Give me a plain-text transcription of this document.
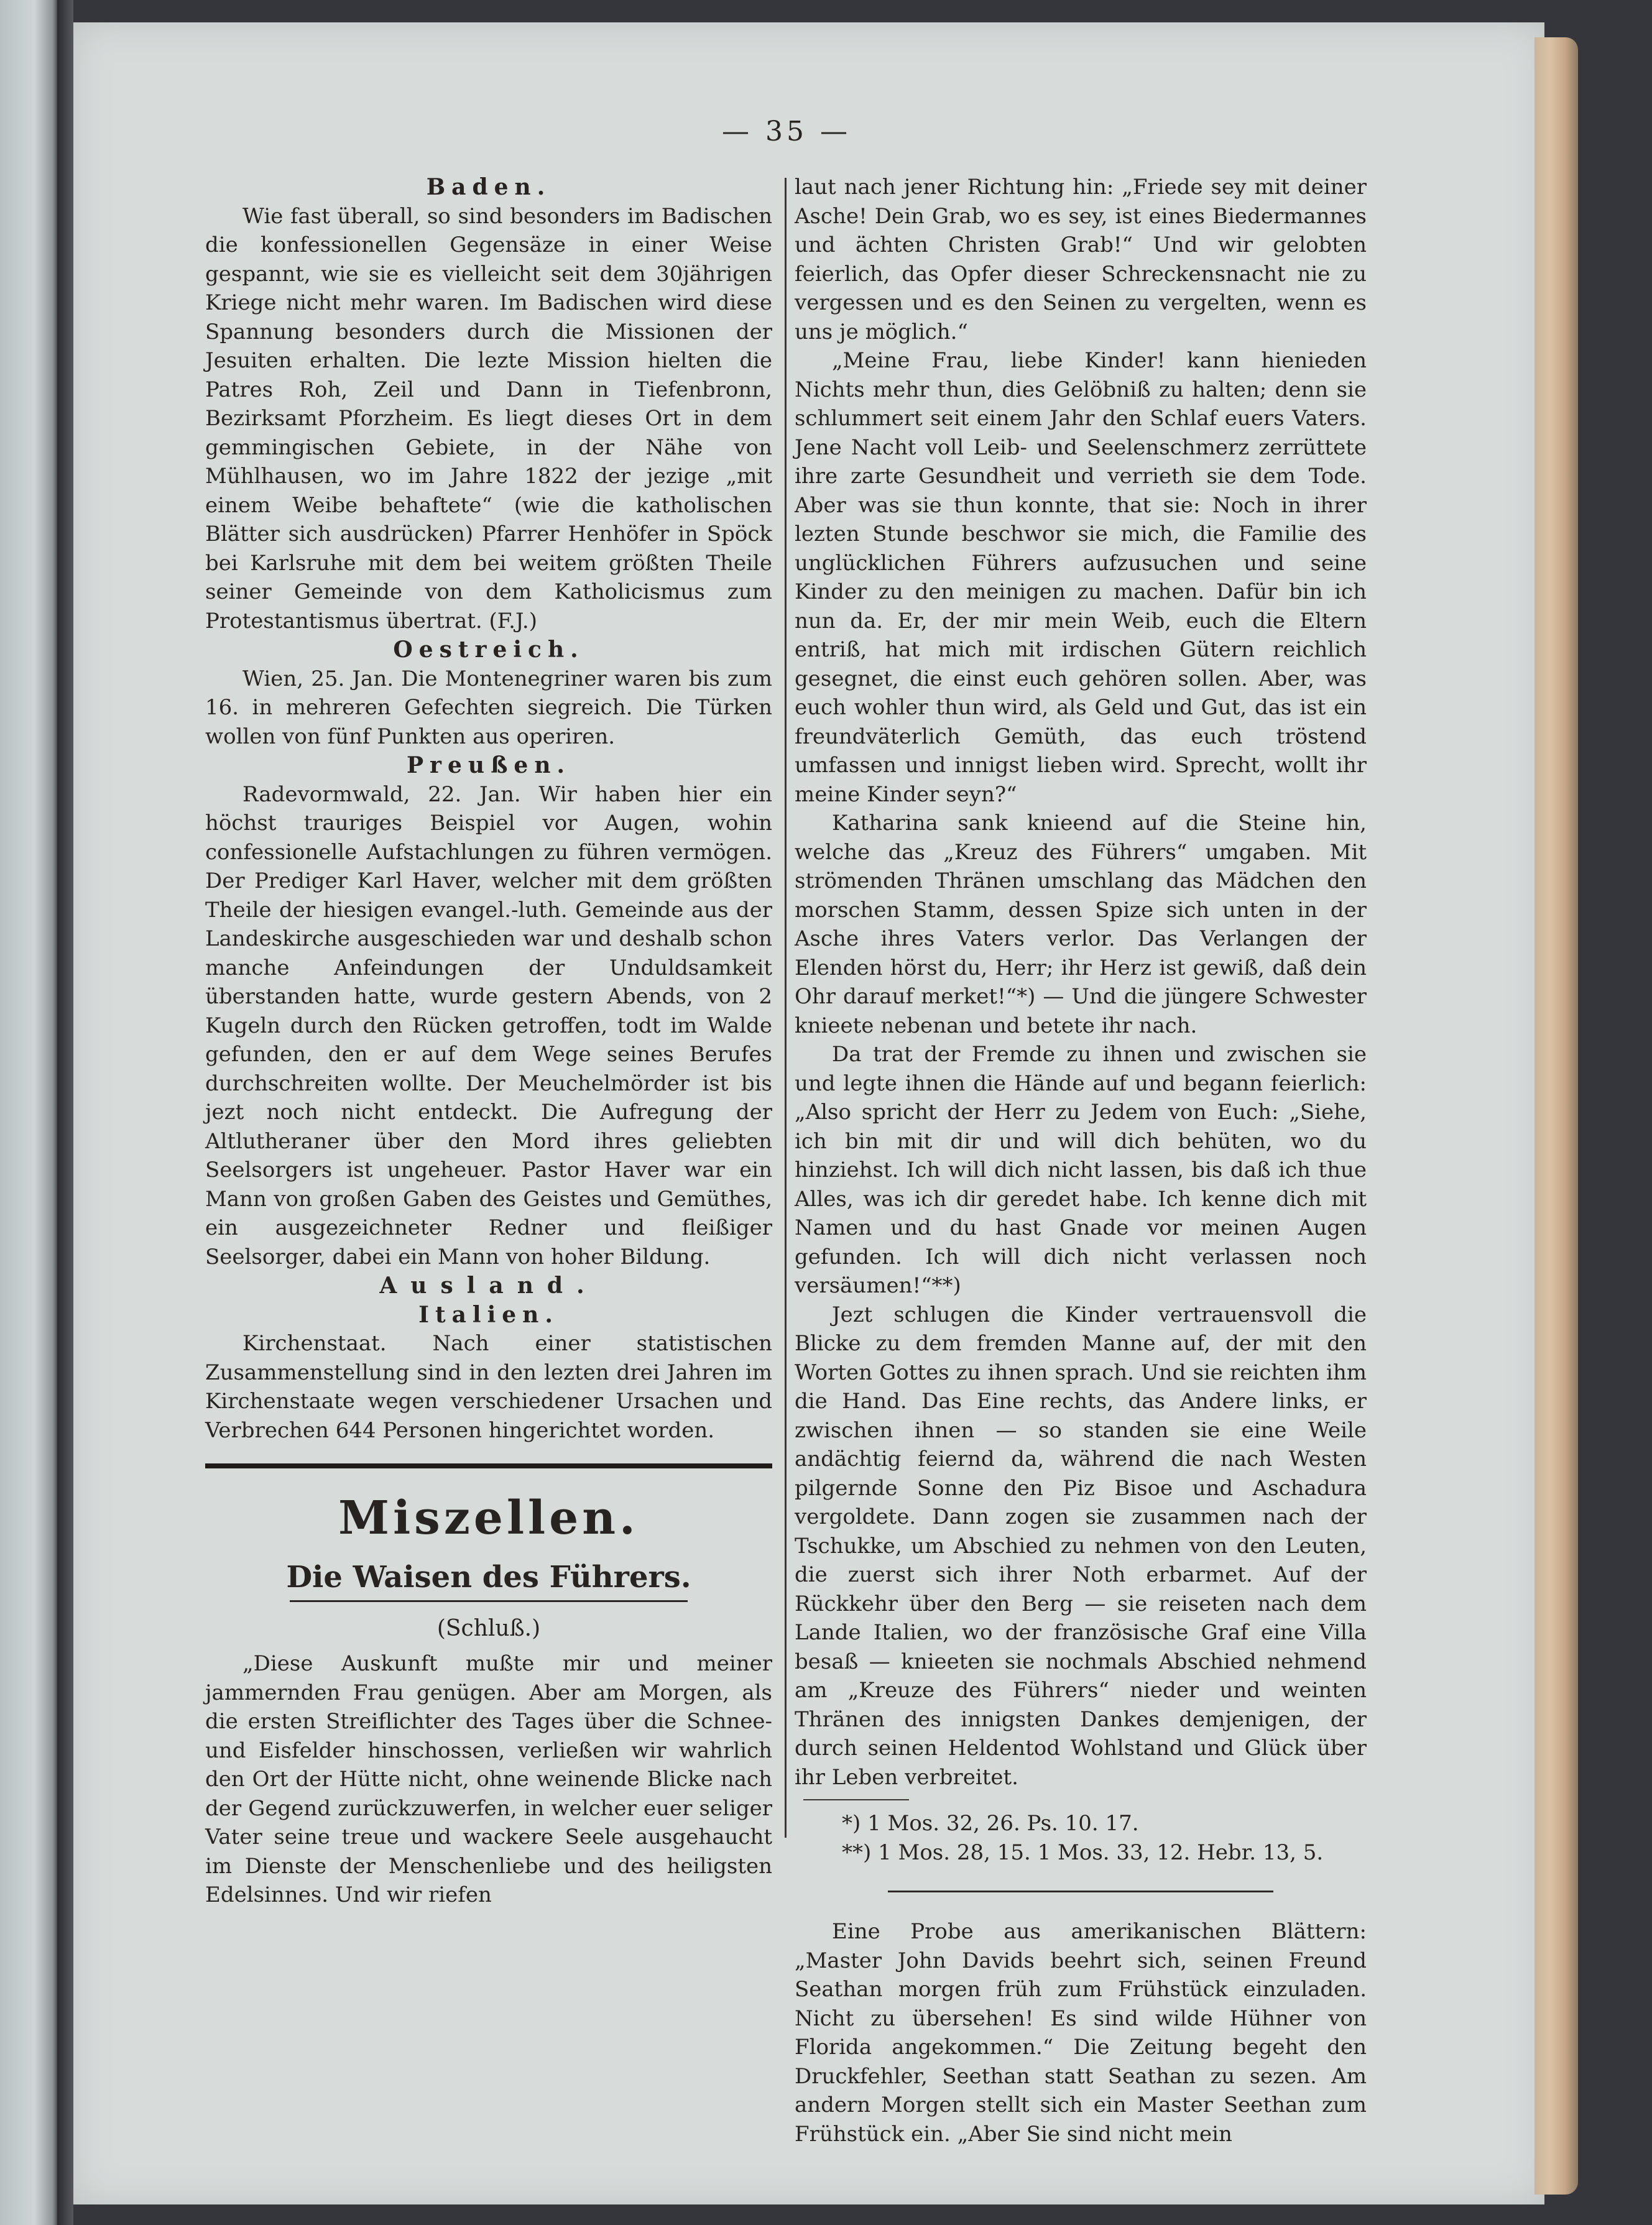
— 35 —

Baden.

Wie fast überall, so sind besonders im Badischen die konfessionellen Gegensäze in einer Weise gespannt, wie sie es vielleicht seit dem 30jährigen Kriege nicht mehr waren. Im Badischen wird diese Spannung besonders durch die Missionen der Jesuiten erhalten. Die lezte Mission hielten die Patres Roh, Zeil und Dann in Tiefenbronn, Bezirksamt Pforzheim. Es liegt dieses Ort in dem gemmingischen Gebiete, in der Nähe von Mühlhausen, wo im Jahre 1822 der jezige „mit einem Weibe behaftete“ (wie die katholischen Blätter sich ausdrücken) Pfarrer Henhöfer in Spöck bei Karlsruhe mit dem bei weitem größten Theile seiner Gemeinde von dem Katholicismus zum Protestantismus übertrat. (F.J.)

Oestreich.

Wien, 25. Jan. Die Montenegriner waren bis zum 16. in mehreren Gefechten siegreich. Die Türken wollen von fünf Punkten aus operiren.

Preußen.

Radevormwald, 22. Jan. Wir haben hier ein höchst trauriges Beispiel vor Augen, wohin confessionelle Aufstachlungen zu führen vermögen. Der Prediger Karl Haver, welcher mit dem größten Theile der hiesigen evangel.-luth. Gemeinde aus der Landeskirche ausgeschieden war und deshalb schon manche Anfeindungen der Unduldsamkeit überstanden hatte, wurde gestern Abends, von 2 Kugeln durch den Rücken getroffen, todt im Walde gefunden, den er auf dem Wege seines Berufes durchschreiten wollte. Der Meuchelmörder ist bis jezt noch nicht entdeckt. Die Aufregung der Altlutheraner über den Mord ihres geliebten Seelsorgers ist ungeheuer. Pastor Haver war ein Mann von großen Gaben des Geistes und Gemüthes, ein ausgezeichneter Redner und fleißiger Seelsorger, dabei ein Mann von hoher Bildung.

Ausland.

Italien.

Kirchenstaat. Nach einer statistischen Zusammenstellung sind in den lezten drei Jahren im Kirchenstaate wegen verschiedener Ursachen und Verbrechen 644 Personen hingerichtet worden.

Miszellen.

Die Waisen des Führers.

(Schluß.)

„Diese Auskunft mußte mir und meiner jammernden Frau genügen. Aber am Morgen, als die ersten Streiflichter des Tages über die Schnee- und Eisfelder hinschossen, verließen wir wahrlich den Ort der Hütte nicht, ohne weinende Blicke nach der Gegend zurückzuwerfen, in welcher euer seliger Vater seine treue und wackere Seele ausgehaucht im Dienste der Menschenliebe und des heiligsten Edelsinnes. Und wir riefen

laut nach jener Richtung hin: „Friede sey mit deiner Asche! Dein Grab, wo es sey, ist eines Biedermannes und ächten Christen Grab!“ Und wir gelobten feierlich, das Opfer dieser Schreckensnacht nie zu vergessen und es den Seinen zu vergelten, wenn es uns je möglich.“

„Meine Frau, liebe Kinder! kann hienieden Nichts mehr thun, dies Gelöbniß zu halten; denn sie schlummert seit einem Jahr den Schlaf euers Vaters. Jene Nacht voll Leib- und Seelenschmerz zerrüttete ihre zarte Gesundheit und verrieth sie dem Tode. Aber was sie thun konnte, that sie: Noch in ihrer lezten Stunde beschwor sie mich, die Familie des unglücklichen Führers aufzusuchen und seine Kinder zu den meinigen zu machen. Dafür bin ich nun da. Er, der mir mein Weib, euch die Eltern entriß, hat mich mit irdischen Gütern reichlich gesegnet, die einst euch gehören sollen. Aber, was euch wohler thun wird, als Geld und Gut, das ist ein freundväterlich Gemüth, das euch tröstend umfassen und innigst lieben wird. Sprecht, wollt ihr meine Kinder seyn?“

Katharina sank knieend auf die Steine hin, welche das „Kreuz des Führers“ umgaben. Mit strömenden Thränen umschlang das Mädchen den morschen Stamm, dessen Spize sich unten in der Asche ihres Vaters verlor. Das Verlangen der Elenden hörst du, Herr; ihr Herz ist gewiß, daß dein Ohr darauf merket!“*) — Und die jüngere Schwester knieete nebenan und betete ihr nach.

Da trat der Fremde zu ihnen und zwischen sie und legte ihnen die Hände auf und begann feierlich: „Also spricht der Herr zu Jedem von Euch: „Siehe, ich bin mit dir und will dich behüten, wo du hinziehst. Ich will dich nicht lassen, bis daß ich thue Alles, was ich dir geredet habe. Ich kenne dich mit Namen und du hast Gnade vor meinen Augen gefunden. Ich will dich nicht verlassen noch versäumen!“**)

Jezt schlugen die Kinder vertrauensvoll die Blicke zu dem fremden Manne auf, der mit den Worten Gottes zu ihnen sprach. Und sie reichten ihm die Hand. Das Eine rechts, das Andere links, er zwischen ihnen — so standen sie eine Weile andächtig feiernd da, während die nach Westen pilgernde Sonne den Piz Bisoe und Aschadura vergoldete. Dann zogen sie zusammen nach der Tschukke, um Abschied zu nehmen von den Leuten, die zuerst sich ihrer Noth erbarmet. Auf der Rückkehr über den Berg — sie reiseten nach dem Lande Italien, wo der französische Graf eine Villa besaß — knieeten sie nochmals Abschied nehmend am „Kreuze des Führers“ nieder und weinten Thränen des innigsten Dankes demjenigen, der durch seinen Heldentod Wohlstand und Glück über ihr Leben verbreitet.

*) 1 Mos. 32, 26. Ps. 10. 17.

**) 1 Mos. 28, 15. 1 Mos. 33, 12. Hebr. 13, 5.

Eine Probe aus amerikanischen Blättern: „Master John Davids beehrt sich, seinen Freund Seathan morgen früh zum Frühstück einzuladen. Nicht zu übersehen! Es sind wilde Hühner von Florida angekommen.“ Die Zeitung begeht den Druckfehler, Seethan statt Seathan zu sezen. Am andern Morgen stellt sich ein Master Seethan zum Frühstück ein. „Aber Sie sind nicht mein
